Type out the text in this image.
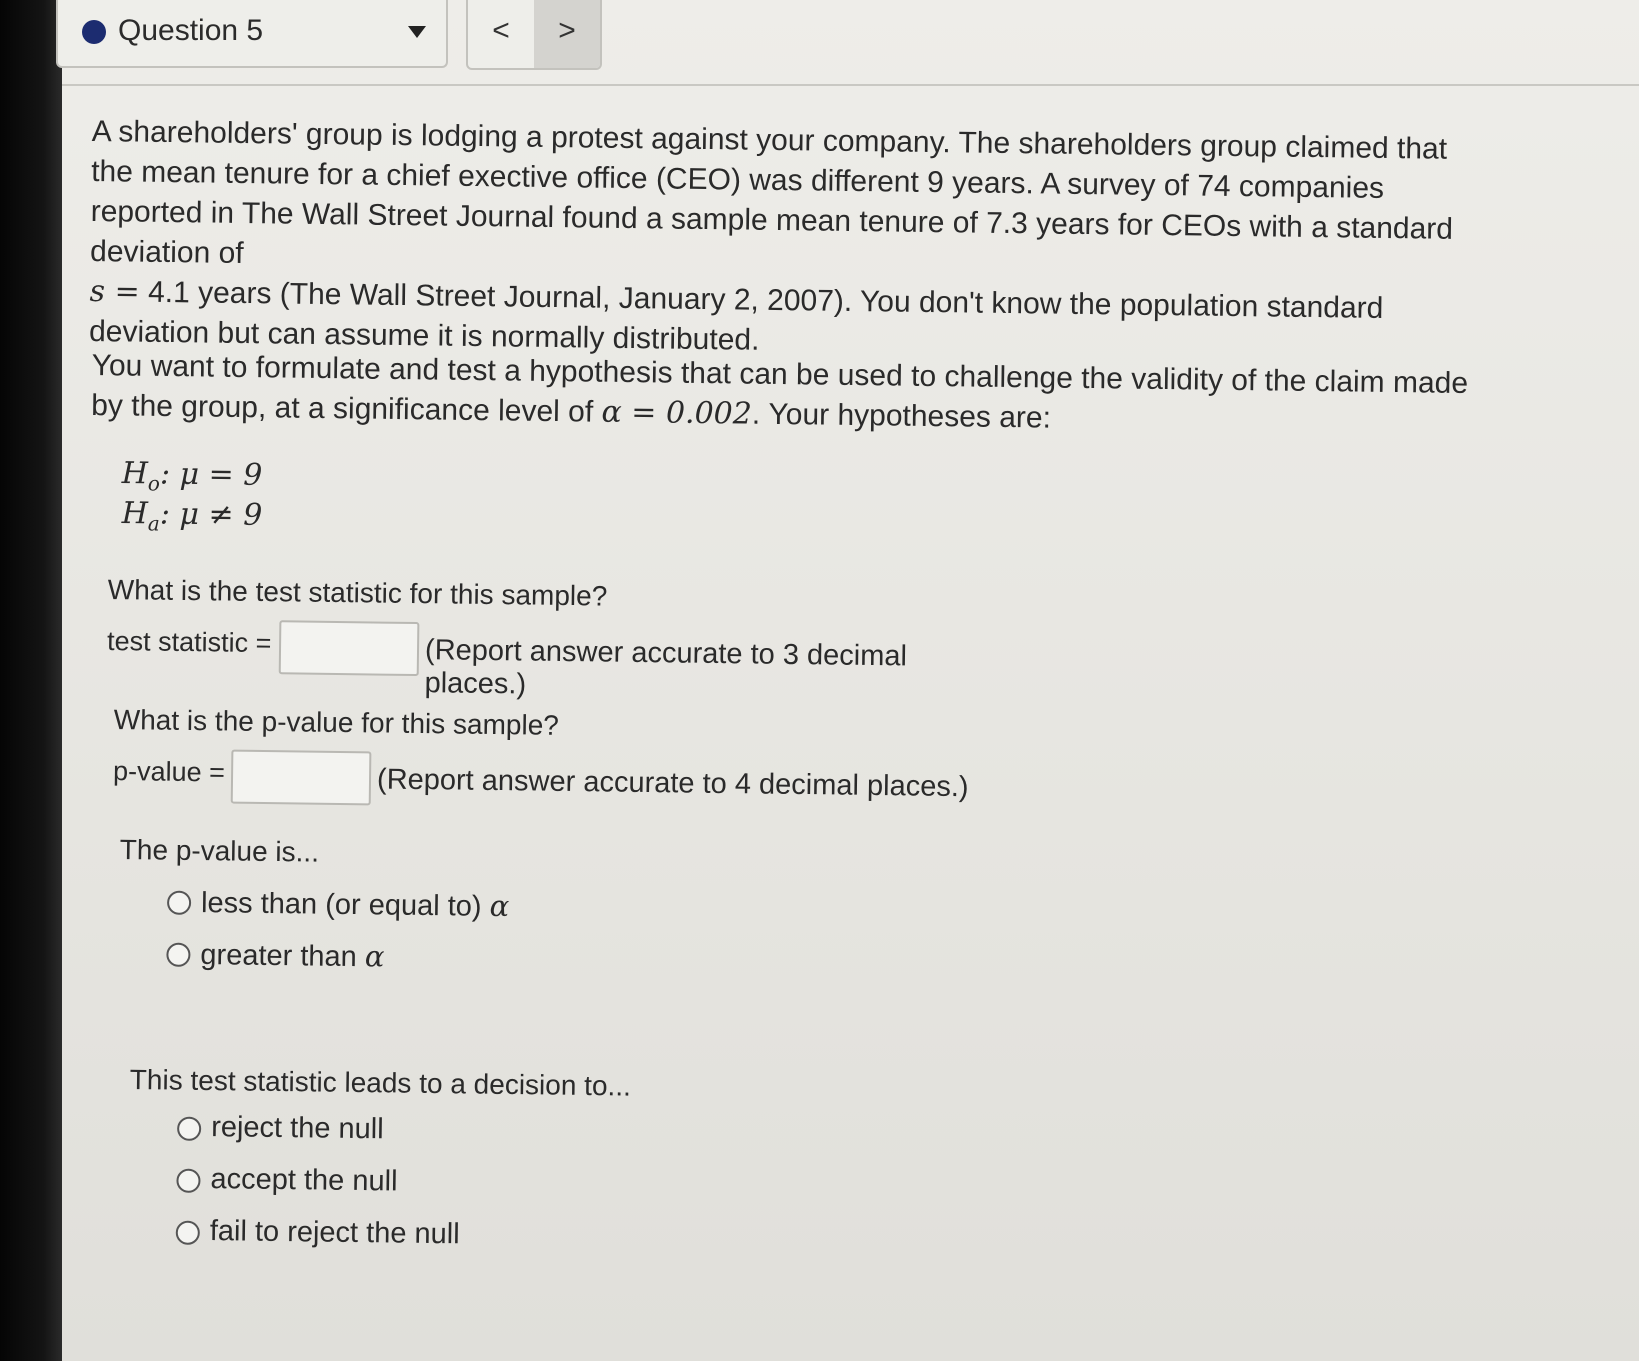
Question 5	<	>

A shareholders' group is lodging a protest against your company. The shareholders group claimed that the mean tenure for a chief exective office (CEO) was different 9 years. A survey of 74 companies reported in The Wall Street Journal found a sample mean tenure of 7.3 years for CEOs with a standard deviation of
s = 4.1 years (The Wall Street Journal, January 2, 2007). You don't know the population standard deviation but can assume it is normally distributed.

You want to formulate and test a hypothesis that can be used to challenge the validity of the claim made by the group, at a significance level of α = 0.002. Your hypotheses are:

$H_o$: μ = 9
$H_a$: μ ≠ 9
What is the test statistic for this sample?
test statistic =	(Report answer accurate to 3 decimal places.)
What is the p-value for this sample?
p-value =	(Report answer accurate to 4 decimal places.)
The p-value is...
less than (or equal to) α
greater than α
This test statistic leads to a decision to...
reject the null
accept the null
fail to reject the null
